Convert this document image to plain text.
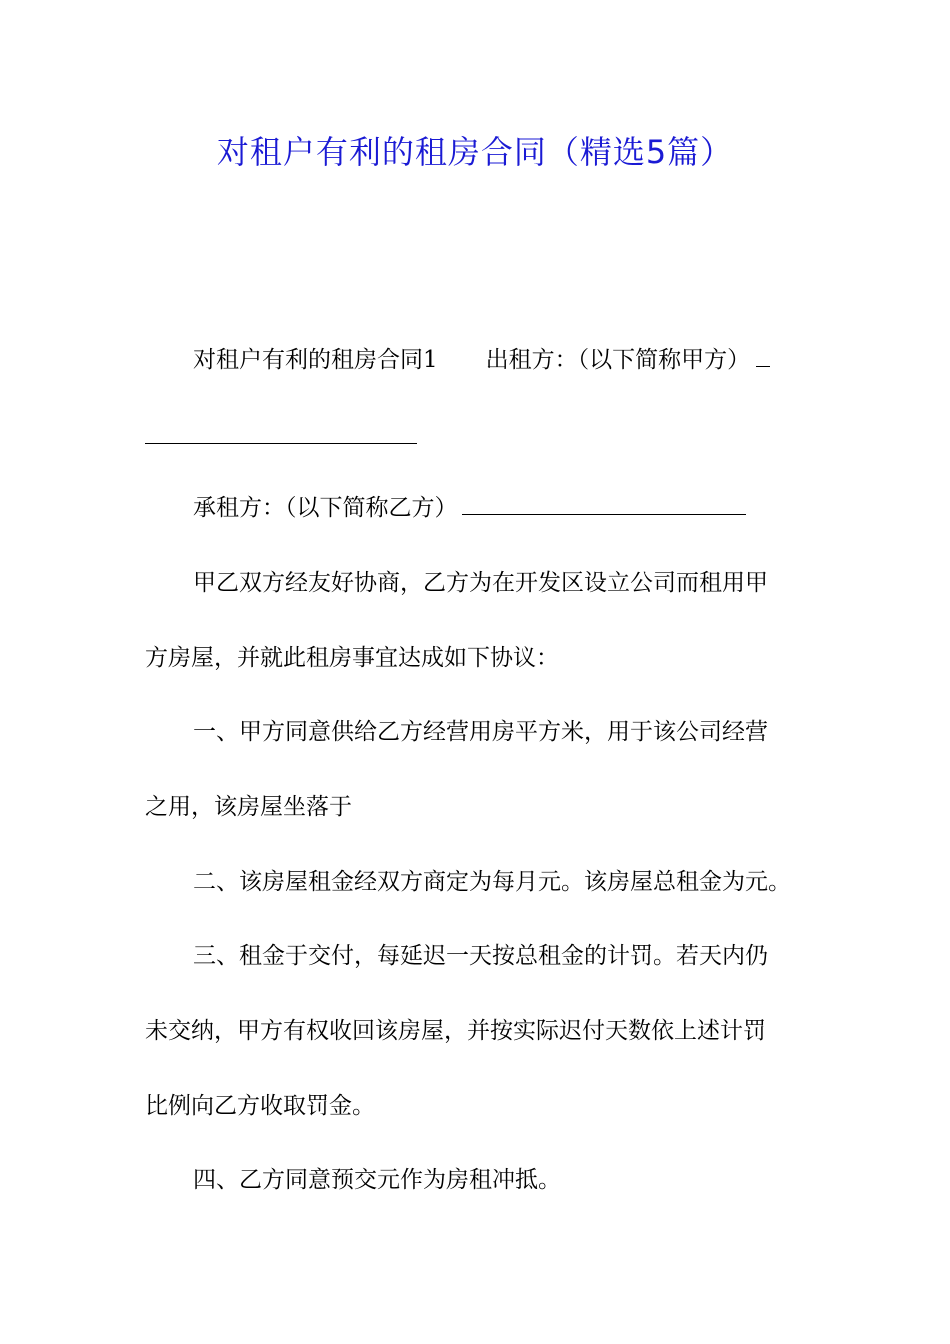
对租户有利的租房合同（精选5篇）
对租户有利的租房合同1 出租方：（以下简称甲方）
承租方：（以下简称乙方）
甲乙双方经友好协商，乙方为在开发区设立公司而租用甲
方房屋，并就此租房事宜达成如下协议：
一、甲方同意供给乙方经营用房平方米，用于该公司经营
之用，该房屋坐落于
二、该房屋租金经双方商定为每月元。该房屋总租金为元。
三、租金于交付，每延迟一天按总租金的计罚。若天内仍
未交纳，甲方有权收回该房屋，并按实际迟付天数依上述计罚
比例向乙方收取罚金。
四、乙方同意预交元作为房租冲抵。
